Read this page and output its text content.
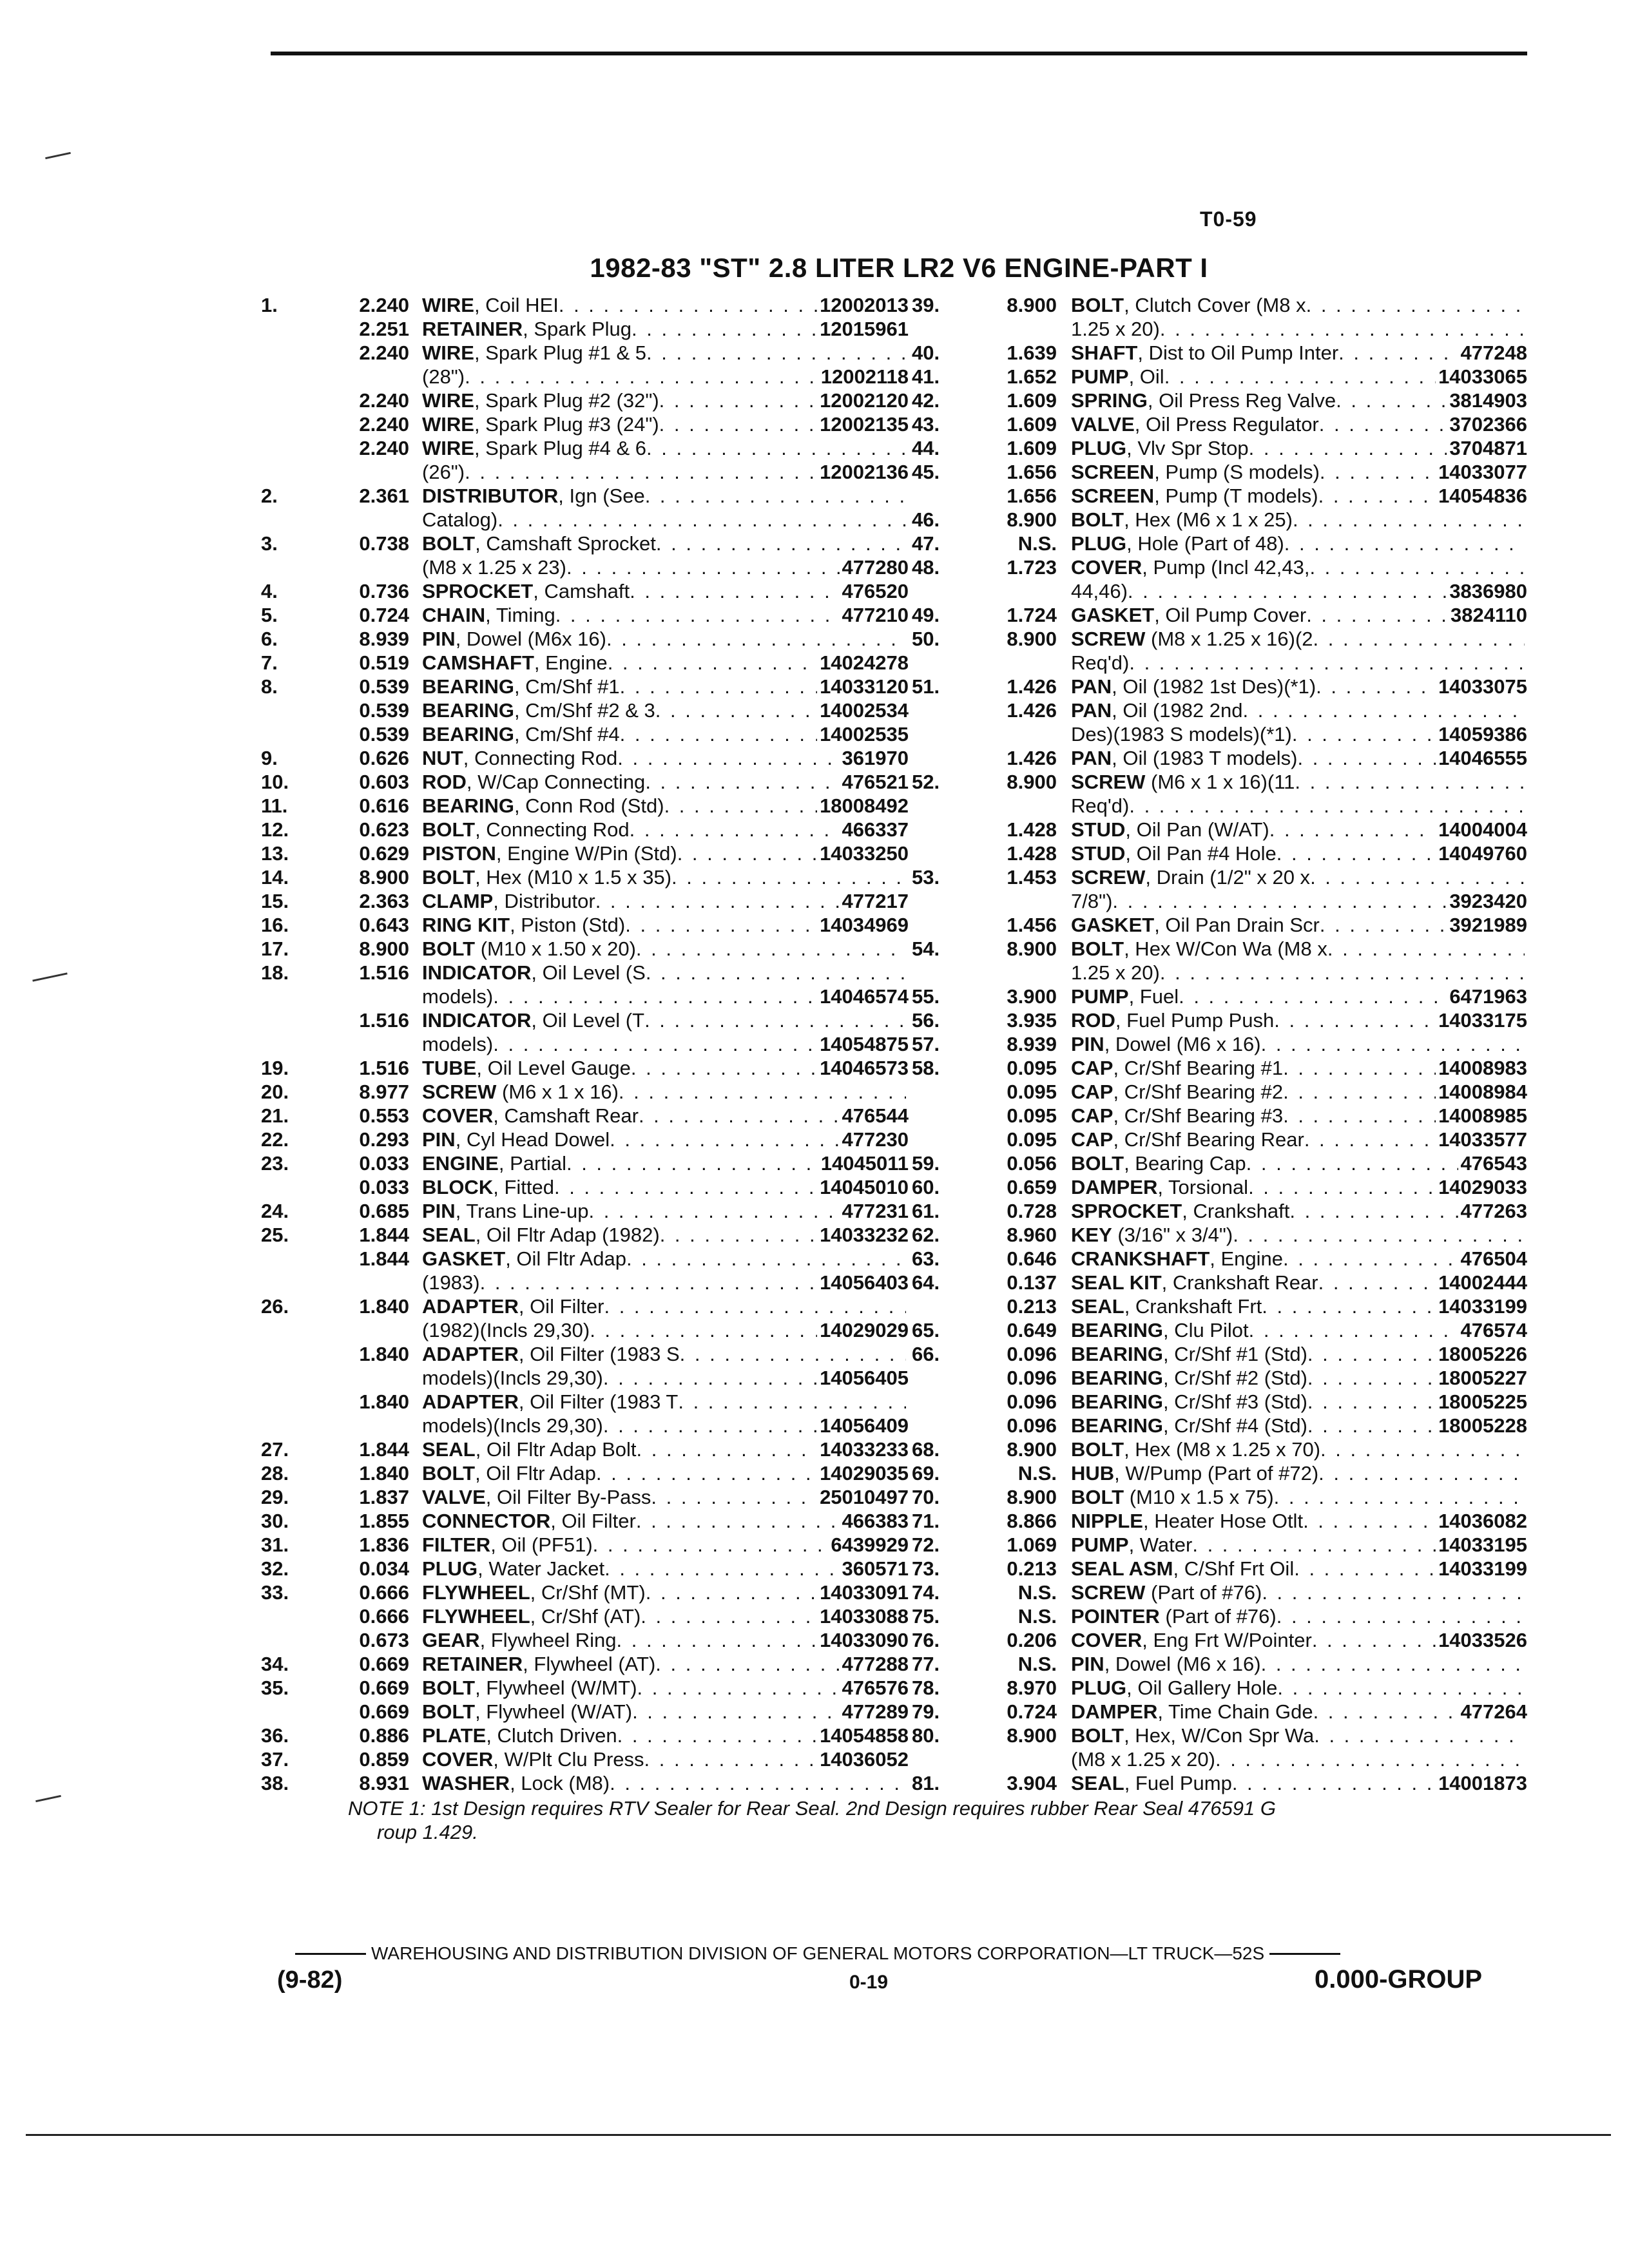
T0-59
1982-83 "ST" 2.8 LITER LR2 V6 ENGINE-PART I
1.	2.240 WIRE, Coil HEI . . .	12002013
2.251 RETAINER, Spark Plug . . .	12015961
2.240 WIRE, Spark Plug #1 & 5
. . .
(28") . . .	12002118
2.240 WIRE, Spark Plug #2 (32") . . .	12002120
2.240 WIRE, Spark Plug #3 (24") . . .	12002135
2.240 WIRE, Spark Plug #4 & 6
. . .
(26") . . .	12002136
2.	2.361 DISTRIBUTOR, Ign (See
. . .
Catalog)
. . .
3.	0.738 BOLT, Camshaft Sprocket
. . .
(M8 x 1.25 x 23) . . .	477280
4.	0.736 SPROCKET, Camshaft . . .	476520
5.	0.724 CHAIN, Timing . . .	477210
6.	8.939 PIN, Dowel (M6x 16)
. . .
7.	0.519 CAMSHAFT, Engine . . .	14024278
8.	0.539 BEARING, Cm/Shf #1 . . .	14033120
0.539 BEARING, Cm/Shf #2 & 3 . . .	14002534
0.539 BEARING, Cm/Shf #4 . . .	14002535
9.	0.626 NUT, Connecting Rod . . .	361970
10.	0.603 ROD, W/Cap Connecting . . .	476521
11.	0.616 BEARING, Conn Rod (Std) . . .	18008492
12.	0.623 BOLT, Connecting Rod . . .	466337
13.	0.629 PISTON, Engine W/Pin (Std) . . .	14033250
14.	8.900 BOLT, Hex (M10 x 1.5 x 35)
. . .
15.	2.363 CLAMP, Distributor . . .	477217
16.	0.643 RING KIT, Piston (Std) . . .	14034969
17.	8.900 BOLT (M10 x 1.50 x 20)
. . .
18.	1.516 INDICATOR, Oil Level (S
. . .
models) . . .	14046574
1.516 INDICATOR, Oil Level (T
. . .
models) . . .	14054875
19.	1.516 TUBE, Oil Level Gauge . . .	14046573
20.	8.977 SCREW (M6 x 1 x 16)
. . .
21.	0.553 COVER, Camshaft Rear . . .	476544
22.	0.293 PIN, Cyl Head Dowel . . .	477230
23.	0.033 ENGINE, Partial . . .	14045011
0.033 BLOCK, Fitted . . .	14045010
24.	0.685 PIN, Trans Line-up . . .	477231
25.	1.844 SEAL, Oil Fltr Adap (1982) . . .	14033232
1.844 GASKET, Oil Fltr Adap
. . .
(1983) . . .	14056403
26.	1.840 ADAPTER, Oil Filter
. . .
(1982)(Incls 29,30) . . .	14029029
1.840 ADAPTER, Oil Filter (1983 S
. . .
models)(Incls 29,30) . . .	14056405
1.840 ADAPTER, Oil Filter (1983 T
. . .
models)(Incls 29,30) . . .	14056409
27.	1.844 SEAL, Oil Fltr Adap Bolt . . .	14033233
28.	1.840 BOLT, Oil Fltr Adap . . .	14029035
29.	1.837 VALVE, Oil Filter By-Pass . . .	25010497
30.	1.855 CONNECTOR, Oil Filter . . .	466383
31.	1.836 FILTER, Oil (PF51) . . .	6439929
32.	0.034 PLUG, Water Jacket . . .	360571
33.	0.666 FLYWHEEL, Cr/Shf (MT) . . .	14033091
0.666 FLYWHEEL, Cr/Shf (AT) . . .	14033088
0.673 GEAR, Flywheel Ring . . .	14033090
34.	0.669 RETAINER, Flywheel (AT) . . .	477288
35.	0.669 BOLT, Flywheel (W/MT) . . .	476576
0.669 BOLT, Flywheel (W/AT) . . .	477289
36.	0.886 PLATE, Clutch Driven . . .	14054858
37.	0.859 COVER, W/Plt Clu Press . . .	14036052
38.	8.931 WASHER, Lock (M8)
. . .
39.	8.900 BOLT, Clutch Cover (M8 x
. . .
1.25 x 20)
. . .
40.	1.639 SHAFT, Dist to Oil Pump Inter . . .	477248
41.	1.652 PUMP, Oil . . .	14033065
42.	1.609 SPRING, Oil Press Reg Valve . . .	3814903
43.	1.609 VALVE, Oil Press Regulator . . .	3702366
44.	1.609 PLUG, Vlv Spr Stop . . .	3704871
45.	1.656 SCREEN, Pump (S models) . . .	14033077
1.656 SCREEN, Pump (T models) . . .	14054836
46.	8.900 BOLT, Hex (M6 x 1 x 25)
. . .
47.	N.S. PLUG, Hole (Part of 48)
. . .
48.	1.723 COVER, Pump (Incl 42,43,
. . .
44,46) . . .	3836980
49.	1.724 GASKET, Oil Pump Cover . . .	3824110
50.	8.900 SCREW (M8 x 1.25 x 16)(2
. . .
Req'd)
. . .
51.	1.426 PAN, Oil (1982 1st Des)(*1) . . .	14033075
1.426 PAN, Oil (1982 2nd
. . .
Des)(1983 S models)(*1) . . .	14059386
1.426 PAN, Oil (1983 T models) . . .	14046555
52.	8.900 SCREW (M6 x 1 x 16)(11
. . .
Req'd)
. . .
1.428 STUD, Oil Pan (W/AT) . . .	14004004
1.428 STUD, Oil Pan #4 Hole . . .	14049760
53.	1.453 SCREW, Drain (1/2" x 20 x
. . .
7/8") . . .	3923420
1.456 GASKET, Oil Pan Drain Scr . . .	3921989
54.	8.900 BOLT, Hex W/Con Wa (M8 x
. . .
1.25 x 20)
. . .
55.	3.900 PUMP, Fuel . . .	6471963
56.	3.935 ROD, Fuel Pump Push . . .	14033175
57.	8.939 PIN, Dowel (M6 x 16)
. . .
58.	0.095 CAP, Cr/Shf Bearing #1 . . .	14008983
0.095 CAP, Cr/Shf Bearing #2 . . .	14008984
0.095 CAP, Cr/Shf Bearing #3 . . .	14008985
0.095 CAP, Cr/Shf Bearing Rear . . .	14033577
59.	0.056 BOLT, Bearing Cap . . .	476543
60.	0.659 DAMPER, Torsional . . .	14029033
61.	0.728 SPROCKET, Crankshaft . . .	477263
62.	8.960 KEY (3/16" x 3/4")
. . .
63.	0.646 CRANKSHAFT, Engine . . .	476504
64.	0.137 SEAL KIT, Crankshaft Rear . . .	14002444
0.213 SEAL, Crankshaft Frt . . .	14033199
65.	0.649 BEARING, Clu Pilot . . .	476574
66.	0.096 BEARING, Cr/Shf #1 (Std) . . .	18005226
0.096 BEARING, Cr/Shf #2 (Std) . . .	18005227
0.096 BEARING, Cr/Shf #3 (Std) . . .	18005225
0.096 BEARING, Cr/Shf #4 (Std) . . .	18005228
68.	8.900 BOLT, Hex (M8 x 1.25 x 70)
. . .
69.	N.S. HUB, W/Pump (Part of #72)
. . .
70.	8.900 BOLT (M10 x 1.5 x 75)
. . .
71.	8.866 NIPPLE, Heater Hose Otlt . . .	14036082
72.	1.069 PUMP, Water . . .	14033195
73.	0.213 SEAL ASM, C/Shf Frt Oil . . .	14033199
74.	N.S. SCREW (Part of #76)
. . .
75.	N.S. POINTER (Part of #76)
. . .
76.	0.206 COVER, Eng Frt W/Pointer . . .	14033526
77.	N.S. PIN, Dowel (M6 x 16)
. . .
78.	8.970 PLUG, Oil Gallery Hole
. . .
79.	0.724 DAMPER, Time Chain Gde . . .	477264
80.	8.900 BOLT, Hex, W/Con Spr Wa
. . .
(M8 x 1.25 x 20)
. . .
81.	3.904 SEAL, Fuel Pump . . .	14001873
NOTE 1: 1st Design requires RTV Sealer for Rear Seal. 2nd Design requires rubber Rear Seal 476591 G
roup 1.429.
WAREHOUSING AND DISTRIBUTION DIVISION OF GENERAL MOTORS CORPORATION—LT TRUCK—52S
(9-82)	0-19	0.000-GROUP
